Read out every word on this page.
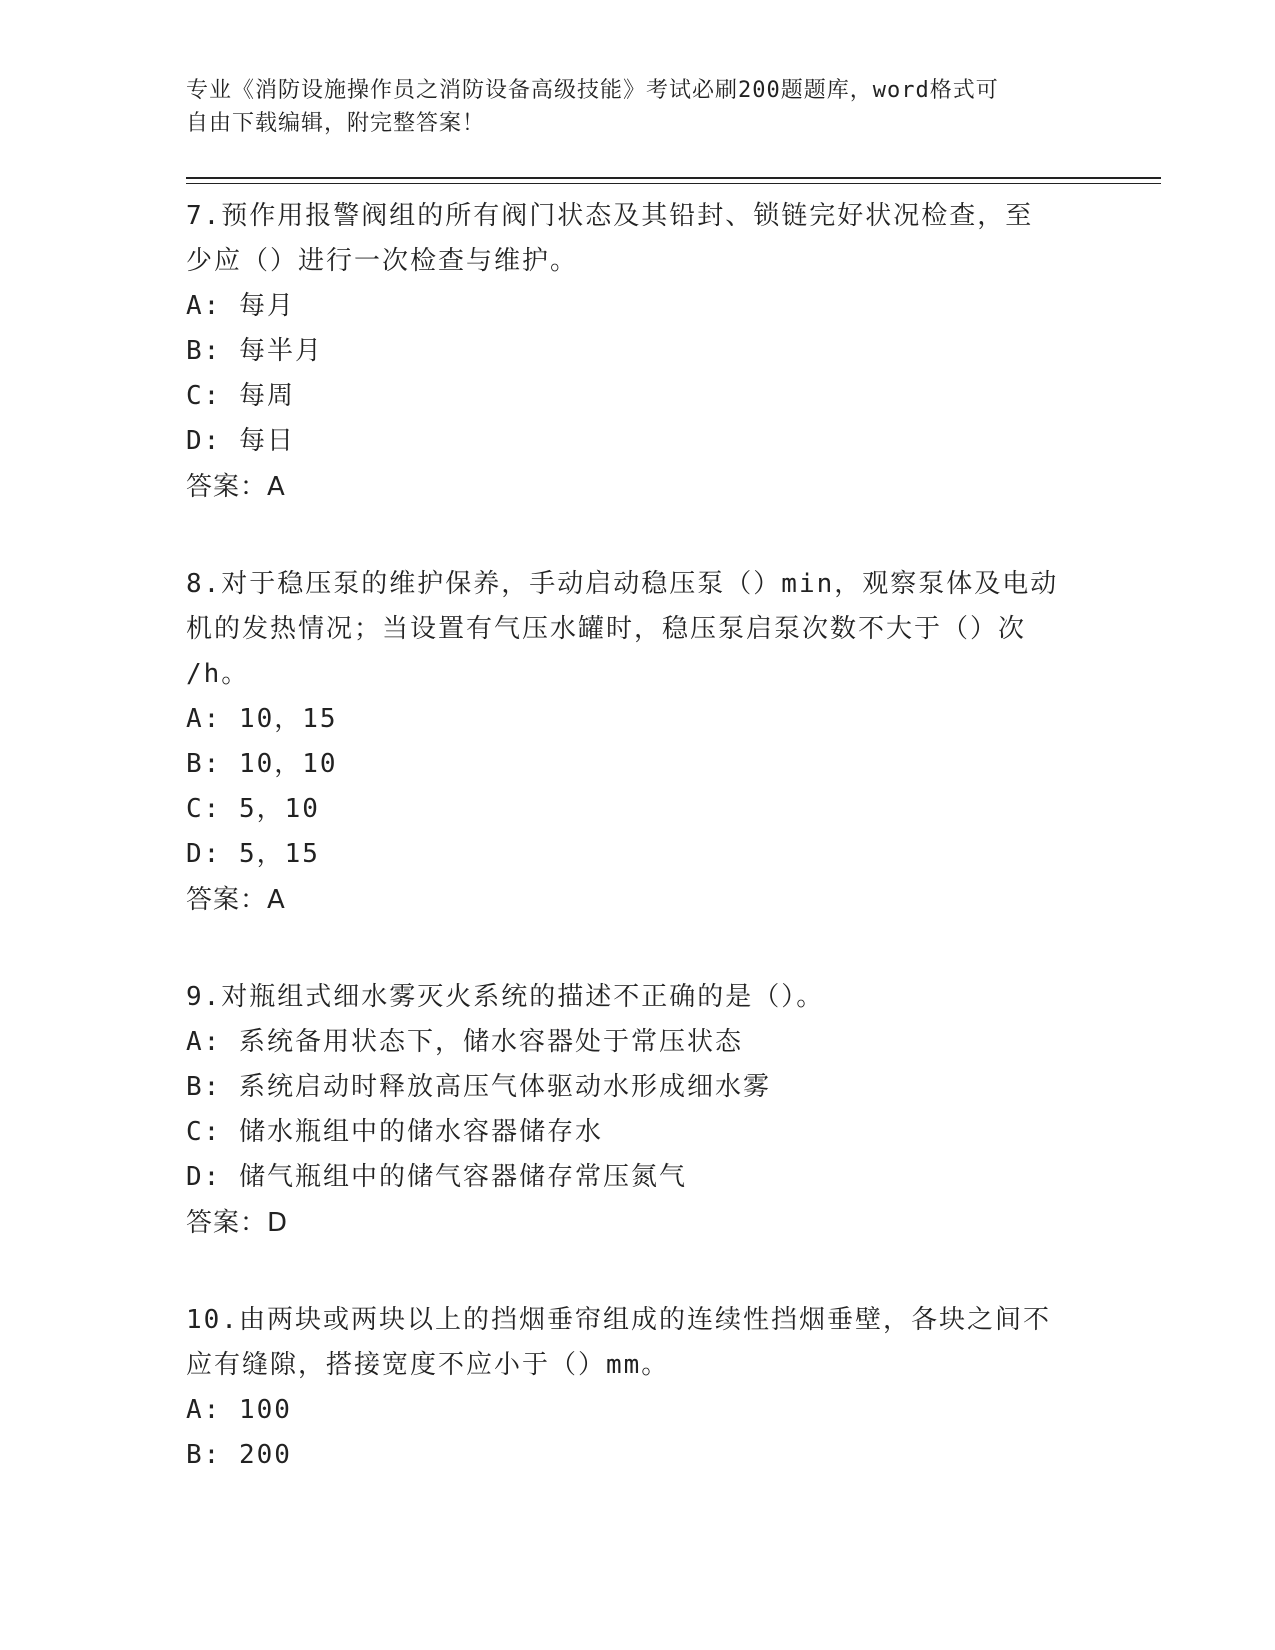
专业《消防设施操作员之消防设备高级技能》考试必刷200题题库，word格式可
自由下载编辑，附完整答案！
7.预作用报警阀组的所有阀门状态及其铅封、锁链完好状况检查，至
少应（）进行一次检查与维护。
A: 每月
B: 每半月
C: 每周
D: 每日
答案：A
8.对于稳压泵的维护保养，手动启动稳压泵（）min，观察泵体及电动
机的发热情况；当设置有气压水罐时，稳压泵启泵次数不大于（）次
/h。
A: 10，15
B: 10，10
C: 5，10
D: 5，15
答案：A
9.对瓶组式细水雾灭火系统的描述不正确的是（）。
A: 系统备用状态下，储水容器处于常压状态
B: 系统启动时释放高压气体驱动水形成细水雾
C: 储水瓶组中的储水容器储存水
D: 储气瓶组中的储气容器储存常压氮气
答案：D
10.由两块或两块以上的挡烟垂帘组成的连续性挡烟垂壁，各块之间不
应有缝隙，搭接宽度不应小于（）mm。
A: 100
B: 200
